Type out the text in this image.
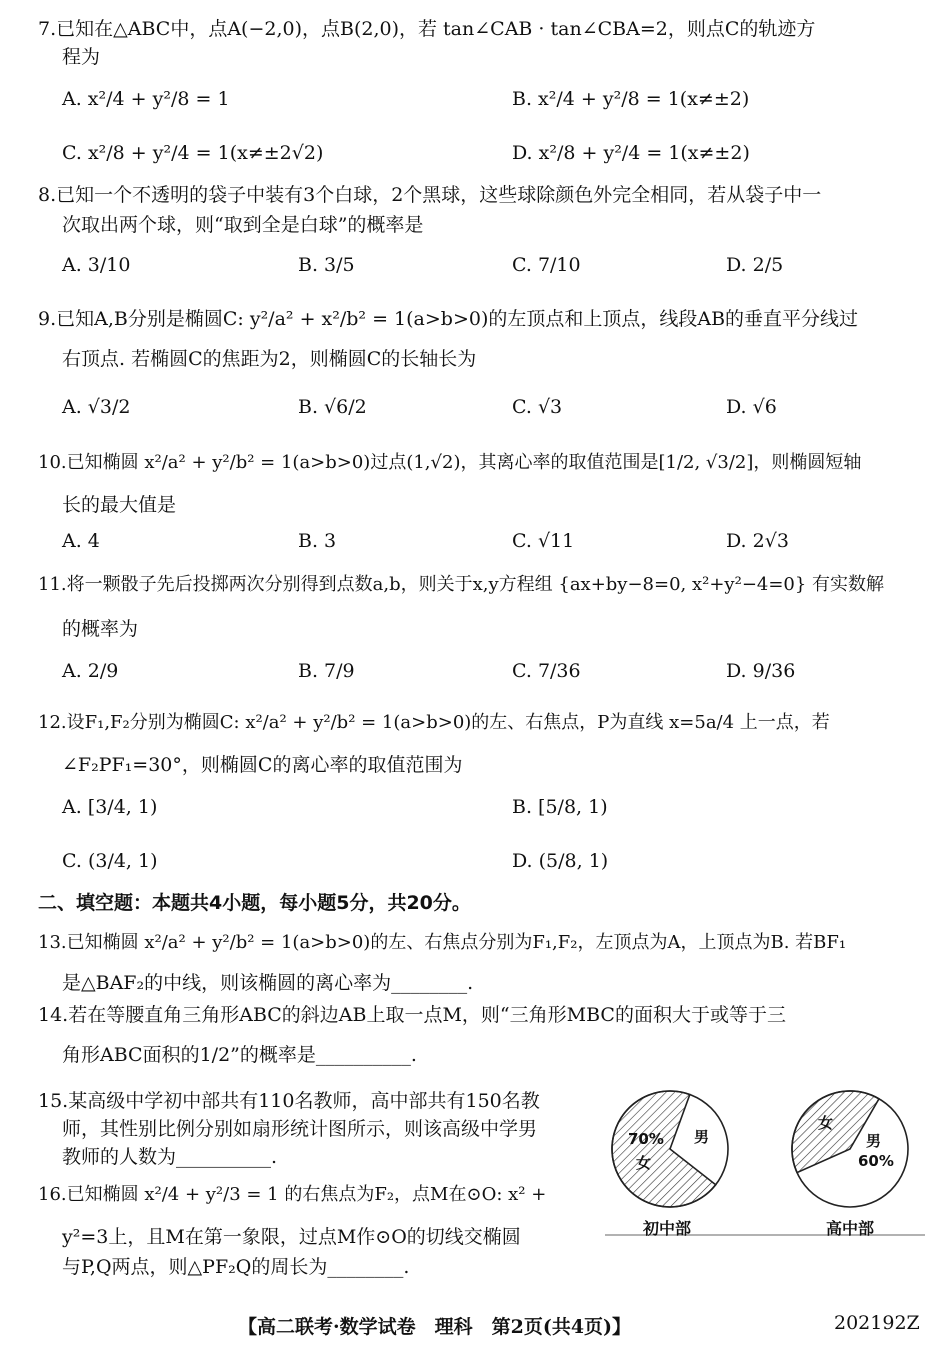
7.已知在△ABC中，点A(−2,0)，点B(2,0)，若 tan∠CAB · tan∠CBA=2，则点C的轨迹方
程为
A. x²/4 + y²/8 = 1	B. x²/4 + y²/8 = 1(x≠±2)
C. x²/8 + y²/4 = 1(x≠±2√2)	D. x²/8 + y²/4 = 1(x≠±2)
8.已知一个不透明的袋子中装有3个白球，2个黑球，这些球除颜色外完全相同，若从袋子中一
次取出两个球，则“取到全是白球”的概率是
A. 3/10	B. 3/5	C. 7/10	D. 2/5
9.已知A,B分别是椭圆C: y²/a² + x²/b² = 1(a>b>0)的左顶点和上顶点，线段AB的垂直平分线过
右顶点. 若椭圆C的焦距为2，则椭圆C的长轴长为
A. √3/2	B. √6/2	C. √3	D. √6
10.已知椭圆 x²/a² + y²/b² = 1(a>b>0)过点(1,√2)，其离心率的取值范围是[1/2, √3/2]，则椭圆短轴
长的最大值是
A. 4	B. 3	C. √11	D. 2√3
11.将一颗骰子先后投掷两次分别得到点数a,b，则关于x,y方程组 {ax+by−8=0, x²+y²−4=0} 有实数解
的概率为
A. 2/9	B. 7/9	C. 7/36	D. 9/36
12.设F₁,F₂分别为椭圆C: x²/a² + y²/b² = 1(a>b>0)的左、右焦点，P为直线 x=5a/4 上一点，若
∠F₂PF₁=30°，则椭圆C的离心率的取值范围为
A. [3/4, 1)	B. [5/8, 1)
C. (3/4, 1)	D. (5/8, 1)
二、填空题：本题共4小题，每小题5分，共20分。
13.已知椭圆 x²/a² + y²/b² = 1(a>b>0)的左、右焦点分别为F₁,F₂，左顶点为A，上顶点为B. 若BF₁
是△BAF₂的中线，则该椭圆的离心率为________.
14.若在等腰直角三角形ABC的斜边AB上取一点M，则“三角形MBC的面积大于或等于三
角形ABC面积的1/2”的概率是__________.
15.某高级中学初中部共有110名教师，高中部共有150名教
师，其性别比例分别如扇形统计图所示，则该高级中学男
教师的人数为__________.
16.已知椭圆 x²/4 + y²/3 = 1 的右焦点为F₂，点M在⊙O: x² +
y²=3上，且M在第一象限，过点M作⊙O的切线交椭圆
与P,Q两点，则△PF₂Q的周长为________.
70%
女
男
初中部
女
男
60%
高中部
【高二联考·数学试卷　理科　第2页(共4页)】	202192Z
